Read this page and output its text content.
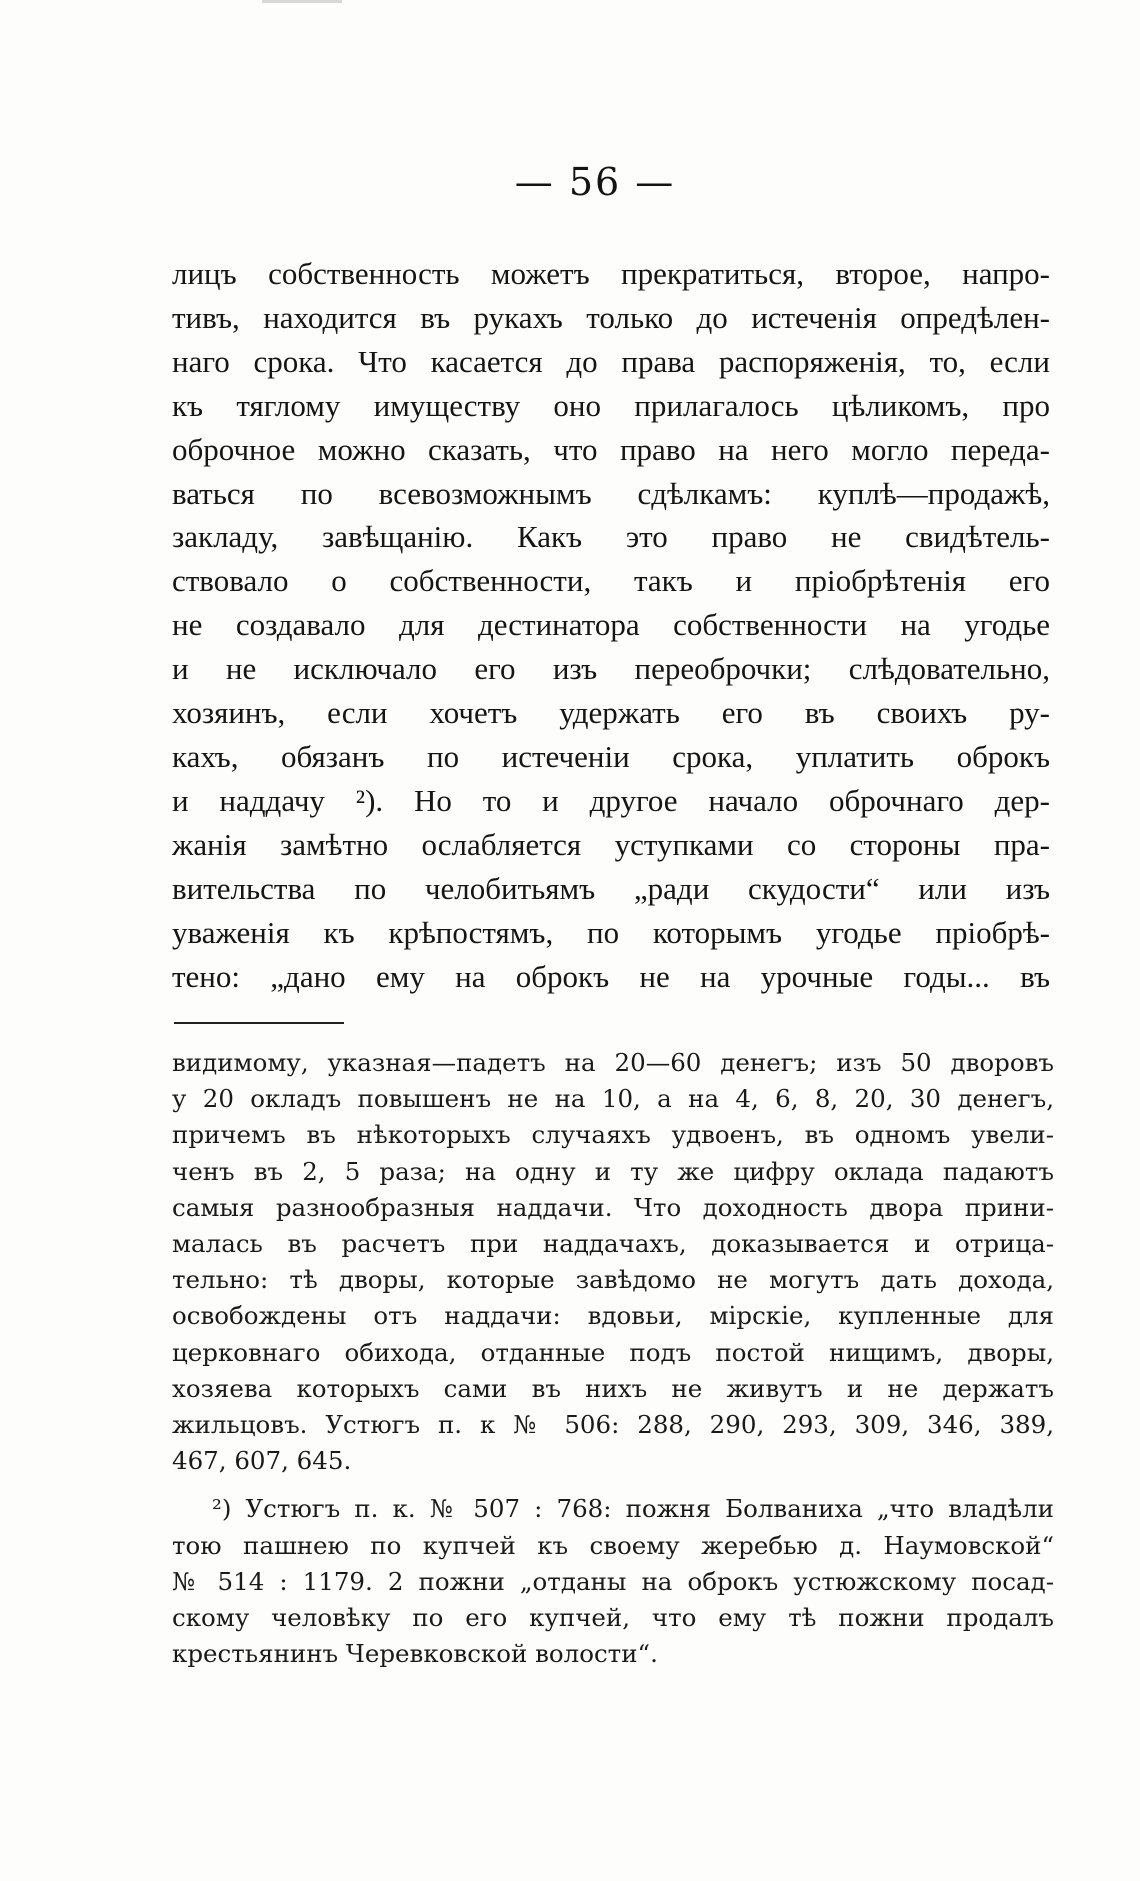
— 56 —
лицъ собственность можетъ прекратиться, второе, напро-
тивъ, находится въ рукахъ только до истеченія опредѣлен-
наго срока. Что касается до права распоряженія, то, если
къ тяглому имуществу оно прилагалось цѣликомъ, про
оброчное можно сказать, что право на него могло переда-
ваться по всевозможнымъ сдѣлкамъ: куплѣ—продажѣ,
закладу, завѣщанію. Какъ это право не свидѣтель-
ствовало о собственности, такъ и пріобрѣтенія его
не создавало для дестинатора собственности на угодье
и не исключало его изъ переоброчки; слѣдовательно,
хозяинъ, если хочетъ удержать его въ своихъ ру-
кахъ, обязанъ по истеченіи срока, уплатить оброкъ
и наддачу ²). Но то и другое начало оброчнаго дер-
жанія замѣтно ослабляется уступками со стороны пра-
вительства по челобитьямъ „ради скудости“ или изъ
уваженія къ крѣпостямъ, по которымъ угодье пріобрѣ-
тено: „дано ему на оброкъ не на урочные годы... въ
видимому, указная—падетъ на 20—60 денегъ; изъ 50 дворовъ
у 20 окладъ повышенъ не на 10, а на 4, 6, 8, 20, 30 денегъ,
причемъ въ нѣкоторыхъ случаяхъ удвоенъ, въ одномъ увели-
ченъ въ 2, 5 раза; на одну и ту же цифру оклада падаютъ
самыя разнообразныя наддачи. Что доходность двора прини-
малась въ расчетъ при наддачахъ, доказывается и отрица-
тельно: тѣ дворы, которые завѣдомо не могутъ дать дохода,
освобождены отъ наддачи: вдовьи, мірскіе, купленные для
церковнаго обихода, отданные подъ постой нищимъ, дворы,
хозяева которыхъ сами въ нихъ не живутъ и не держатъ
жильцовъ. Устюгъ п. к № 506: 288, 290, 293, 309, 346, 389,
467, 607, 645.
²) Устюгъ п. к. № 507 : 768: пожня Болваниха „что владѣли
тою пашнею по купчей къ своему жеребью д. Наумовской“
№ 514 : 1179. 2 пожни „отданы на оброкъ устюжскому посад-
скому человѣку по его купчей, что ему тѣ пожни продалъ
крестьянинъ Черевковской волости“.
